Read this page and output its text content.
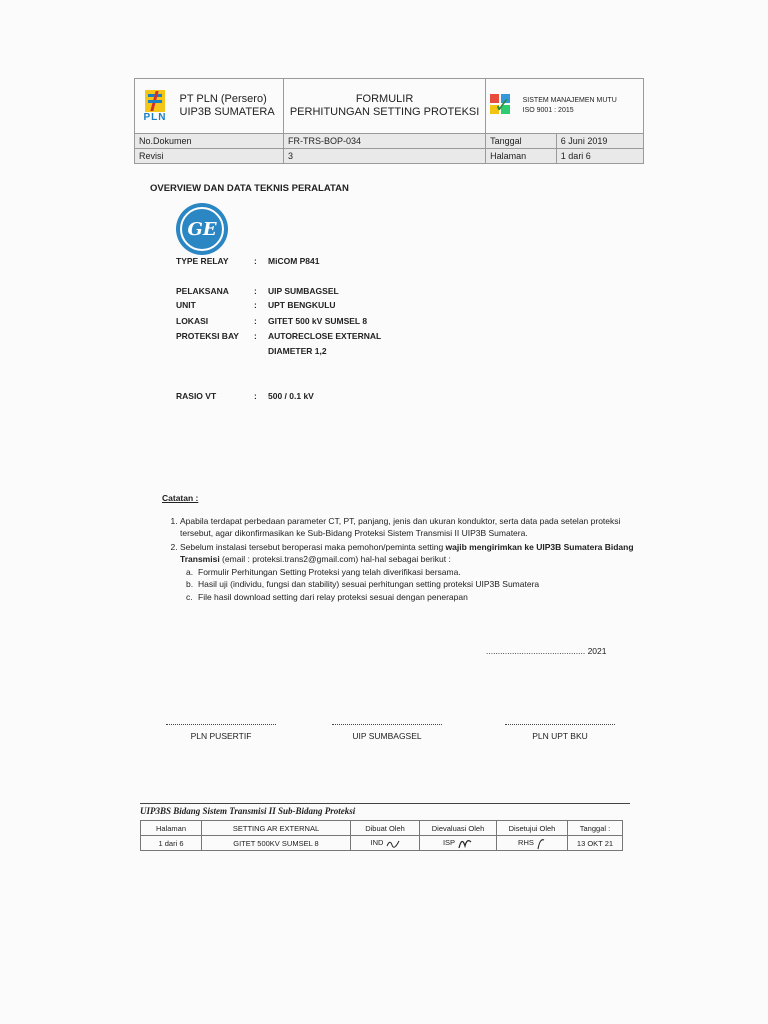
PLN
PT PLN (Persero)
UIP3B SUMATERA	FORMULIR
PERHITUNGAN SETTING PROTEKSI	✓ SISTEM MANAJEMEN MUTU
ISO 9001 : 2015	
No.Dokumen	FR-TRS-BOP-034	Tanggal	6 Juni 2019
Revisi	3	Halaman	1 dari 6
OVERVIEW DAN DATA TEKNIS PERALATAN
GE
TYPE RELAY	: MiCOM P841
PELAKSANA	: UIP SUMBAGSEL
UNIT	: UPT BENGKULU
LOKASI	: GITET 500 kV SUMSEL 8
PROTEKSI BAY : AUTORECLOSE EXTERNAL
DIAMETER 1,2
RASIO VT	: 500 / 0.1 kV
Catatan :
1. Apabila terdapat perbedaan parameter CT, PT, panjang, jenis dan ukuran konduktor, serta data pada setelan proteksi tersebut, agar dikonfirmasikan ke Sub-Bidang Proteksi Sistem Transmisi II UIP3B Sumatera.
2. Sebelum instalasi tersebut beroperasi maka pemohon/peminta setting wajib mengirimkan ke UIP3B Sumatera Bidang Transmisi (email : proteksi.trans2@gmail.com) hal-hal sebagai berikut :
a. Formulir Perhitungan Setting Proteksi yang telah diverifikasi bersama.
b. Hasil uji (individu, fungsi dan stability) sesuai perhitungan setting proteksi UIP3B Sumatera
c. File hasil download setting dari relay proteksi sesuai dengan penerapan
.......................................... 2021
PLN PUSERTIF	UIP SUMBAGSEL	PLN UPT BKU
UIP3BS Bidang Sistem Transmisi II Sub-Bidang Proteksi
Halaman	SETTING AR EXTERNAL	Dibuat Oleh	Dievaluasi Oleh	Disetujui Oleh	Tanggal :
1 dari 6	GITET 500KV SUMSEL 8	IND	ISP	RHS	13 OKT 21
